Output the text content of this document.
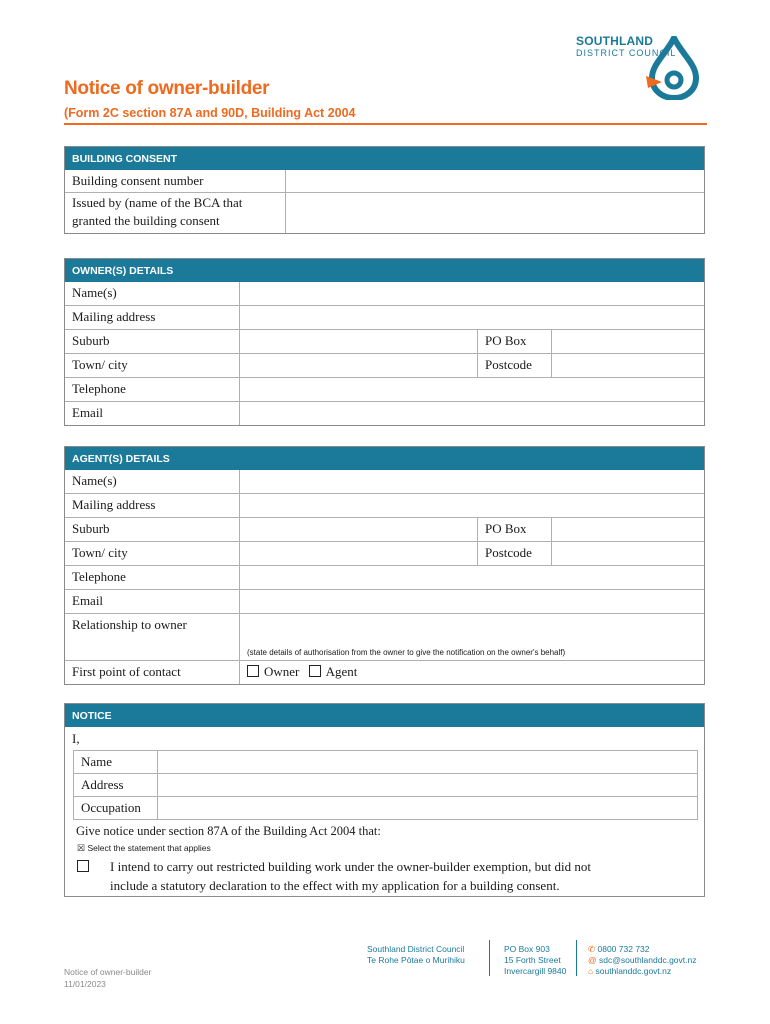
SOUTHLAND
DISTRICT COUNCIL
Notice of owner-builder
(Form 2C section 87A and 90D, Building Act 2004
BUILDING CONSENT
Building consent number
Issued by (name of the BCA that
granted the building consent
OWNER(S) DETAILS
Name(s)
Mailing address
Suburb	PO Box
Town/ city	Postcode
Telephone
Email
AGENT(S) DETAILS
Name(s)
Mailing address
Suburb	PO Box
Town/ city	Postcode
Telephone
Email
Relationship to owner
(state details of authorisation from the owner to give the notification on the owner's behalf)
First point of contact	Owner Agent
NOTICE
I,
Name
Address
Occupation
Give notice under section 87A of the Building Act 2004 that:
☒ Select the statement that applies
I intend to carry out restricted building work under the owner-builder exemption, but did not
include a statutory declaration to the effect with my application for a building consent.
Notice of owner-builder
11/01/2023
Southland District Council
Te Rohe Pōtae o Murihiku
PO Box 903
15 Forth Street
Invercargill 9840
✆ 0800 732 732
@ sdc@southlanddc.govt.nz
⌂ southlanddc.govt.nz
